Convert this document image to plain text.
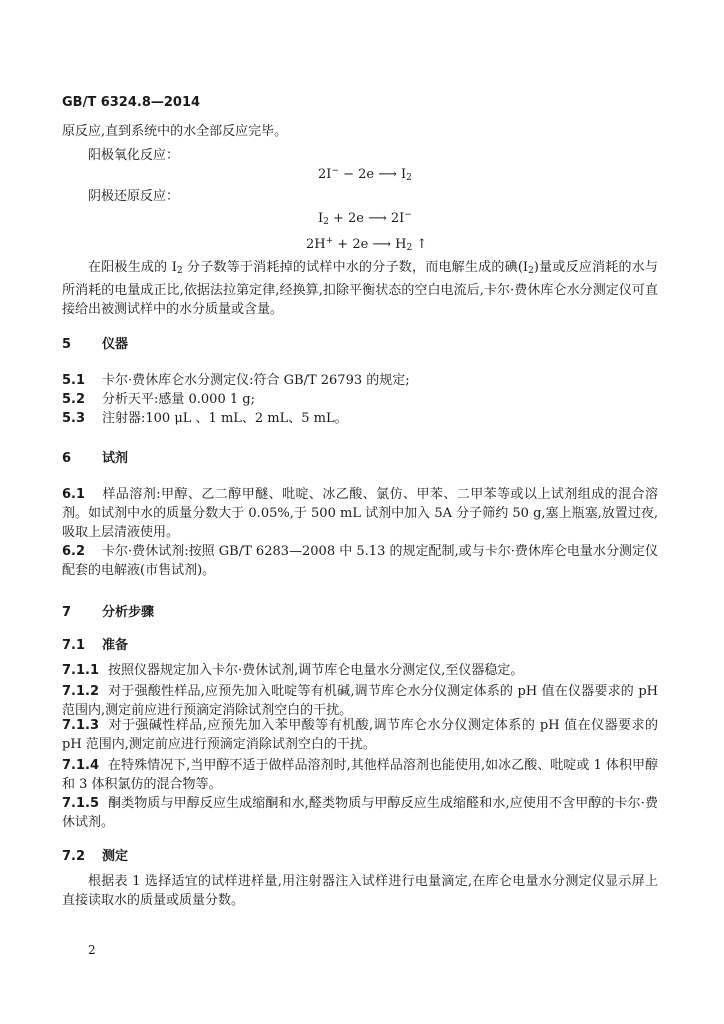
GB/T 6324.8—2014
原反应,直到系统中的水全部反应完毕。
阳极氧化反应：
2I− − 2e ⟶ $I_2$
阴极还原反应：
$I_2 + 2e$ ⟶ 2I−
2H+ + 2e ⟶ $H_2$ ↑
在阳极生成的 $I_2$ 分子数等于消耗掉的试样中水的分子数，而电解生成的碘$(I_2)$量或反应消耗的水与所消耗的电量成正比,依据法拉第定律,经换算,扣除平衡状态的空白电流后,卡尔·费休库仑水分测定仪可直接给出被测试样中的水分质量或含量。
5 仪器
5.1 卡尔·费休库仑水分测定仪:符合 GB/T 26793 的规定;
5.2 分析天平:感量 0.000 1 g;
5.3 注射器:100 μL 、1 mL、2 mL、5 mL。
6 试剂
6.1 样品溶剂:甲醇、乙二醇甲醚、吡啶、冰乙酸、氯仿、甲苯、二甲苯等或以上试剂组成的混合溶剂。如试剂中水的质量分数大于 0.05%,于 500 mL 试剂中加入 5A 分子筛约 50 g,塞上瓶塞,放置过夜,吸取上层清液使用。
6.2 卡尔·费休试剂:按照 GB/T 6283—2008 中 5.13 的规定配制,或与卡尔·费休库仑电量水分测定仪配套的电解液(市售试剂)。
7 分析步骤
7.1 准备
7.1.1 按照仪器规定加入卡尔·费休试剂,调节库仑电量水分测定仪,至仪器稳定。
7.1.2 对于强酸性样品,应预先加入吡啶等有机碱,调节库仑水分仪测定体系的 pH 值在仪器要求的 pH 范围内,测定前应进行预滴定消除试剂空白的干扰。
7.1.3 对于强碱性样品,应预先加入苯甲酸等有机酸,调节库仑水分仪测定体系的 pH 值在仪器要求的 pH 范围内,测定前应进行预滴定消除试剂空白的干扰。
7.1.4 在特殊情况下,当甲醇不适于做样品溶剂时,其他样品溶剂也能使用,如冰乙酸、吡啶或 1 体积甲醇和 3 体积氯仿的混合物等。
7.1.5 酮类物质与甲醇反应生成缩酮和水,醛类物质与甲醇反应生成缩醛和水,应使用不含甲醇的卡尔·费休试剂。
7.2 测定
根据表 1 选择适宜的试样进样量,用注射器注入试样进行电量滴定,在库仑电量水分测定仪显示屏上直接读取水的质量或质量分数。
2
